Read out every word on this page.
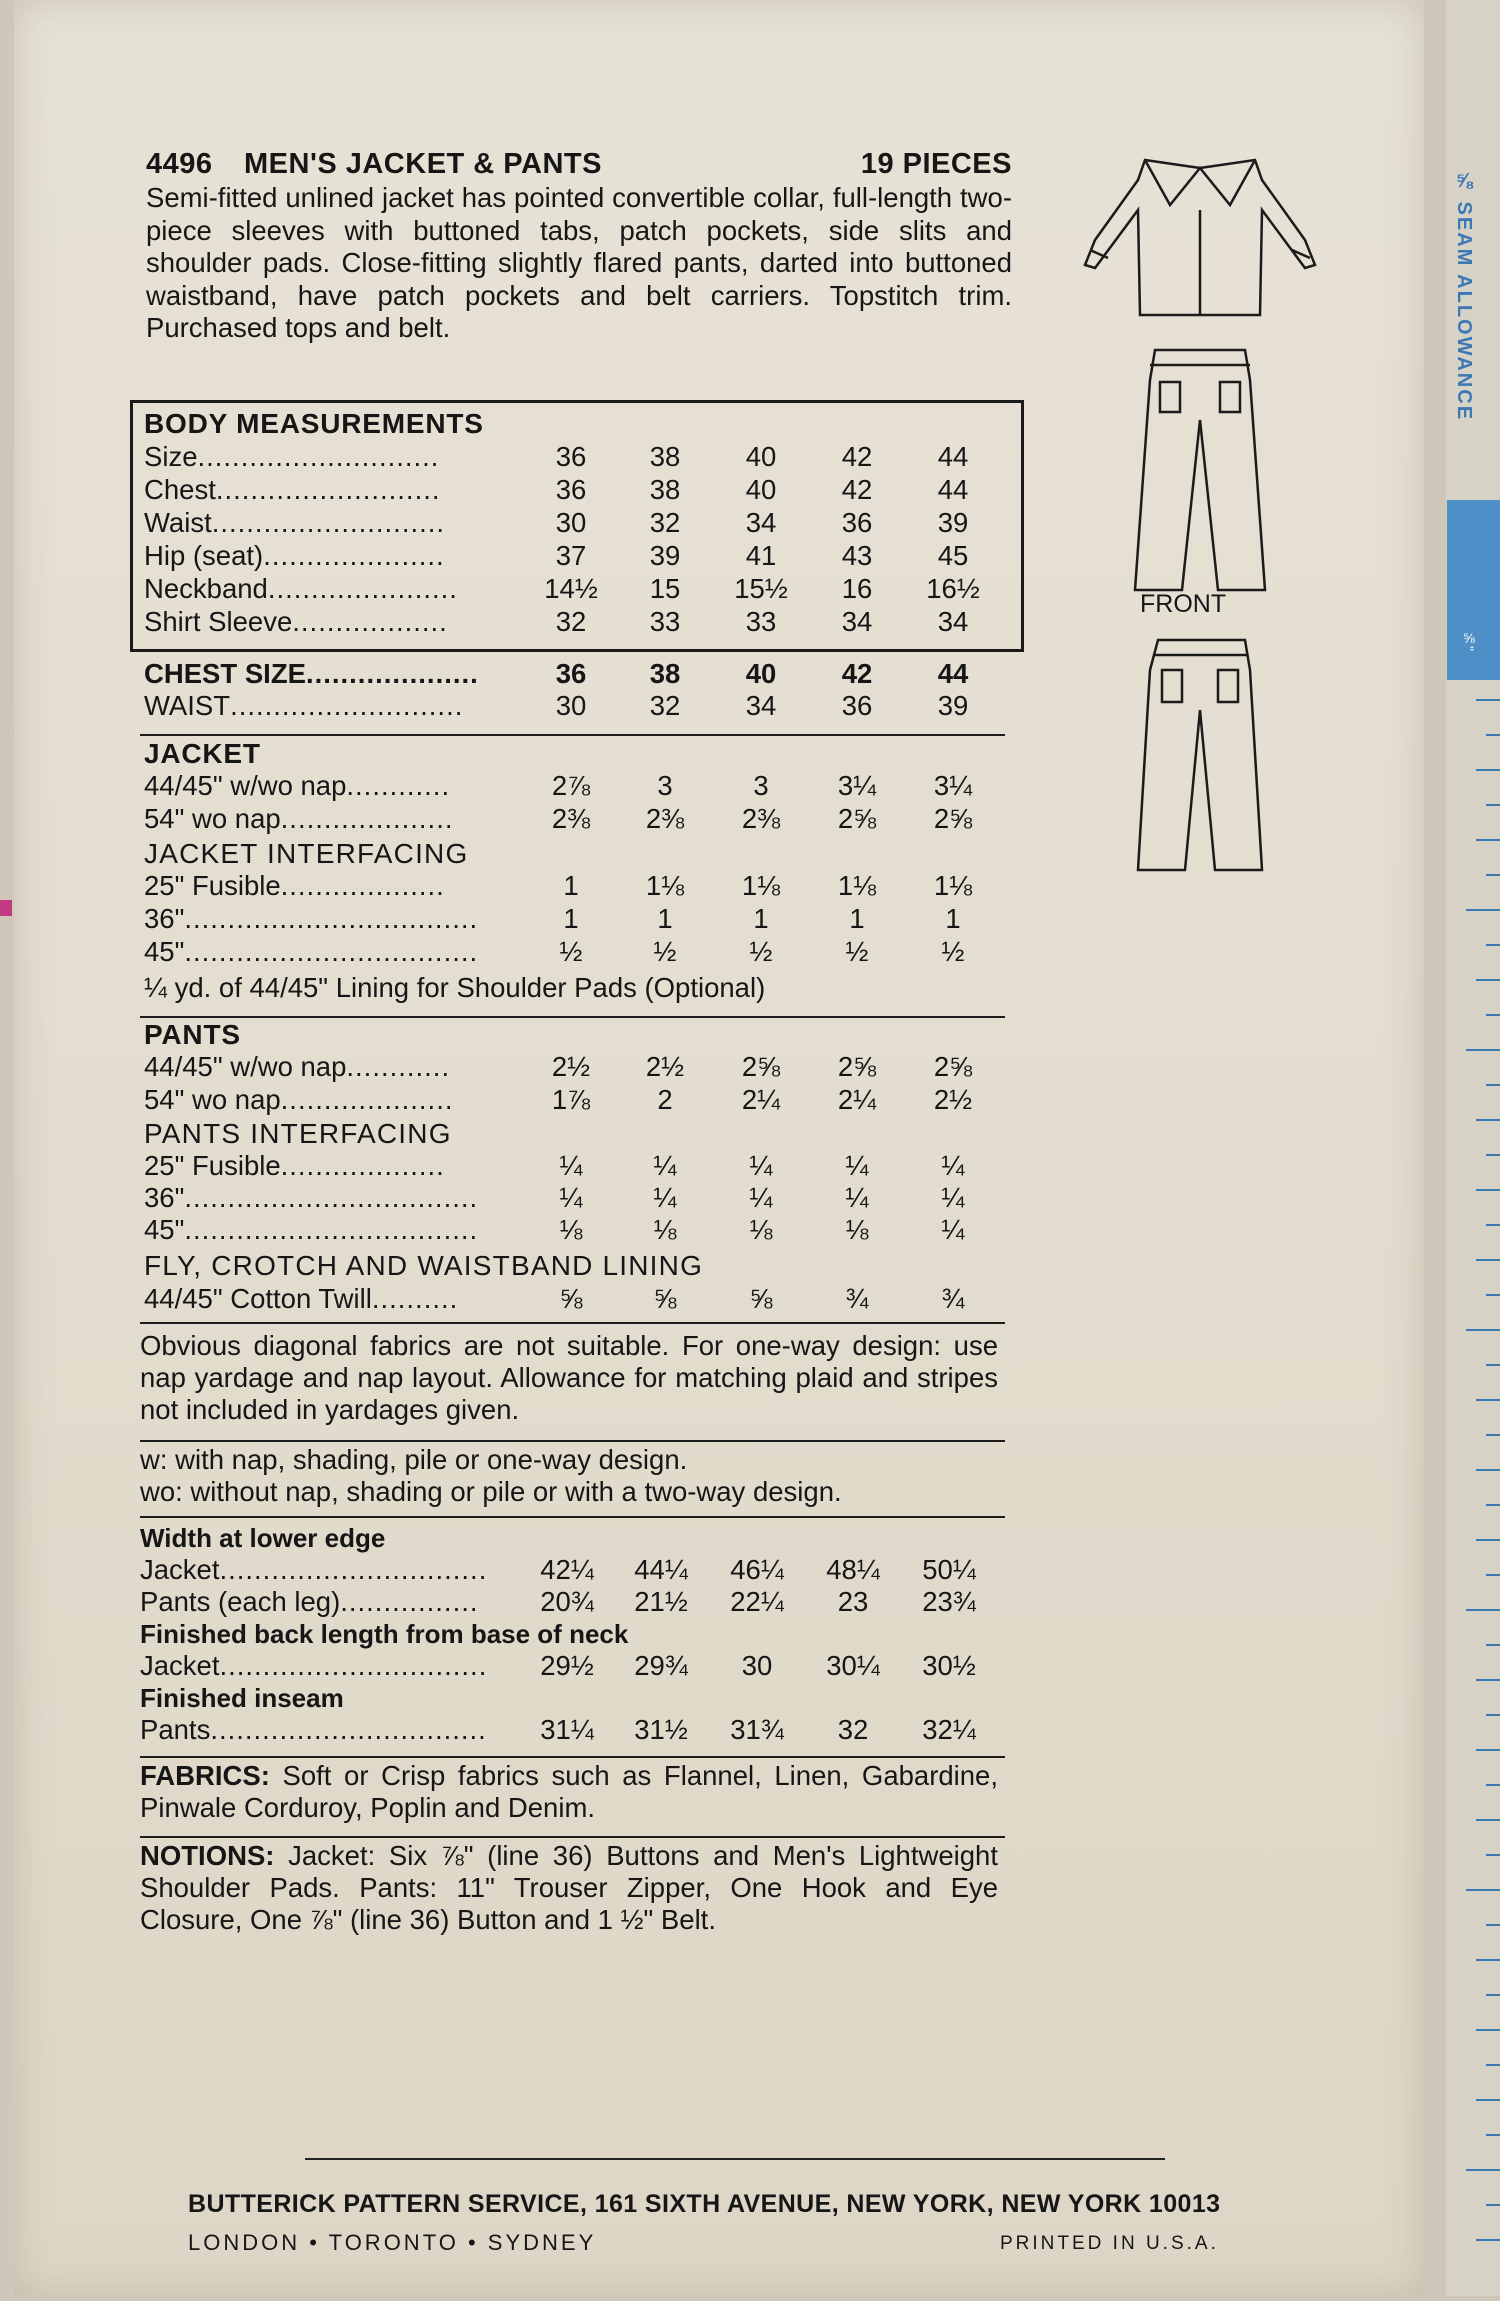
4496 MEN'S JACKET & PANTS	19 PIECES
Semi-fitted unlined jacket has pointed convertible collar, full-length two-piece sleeves with buttoned tabs, patch pockets, side slits and shoulder pads. Close-fitting slightly flared pants, darted into buttoned waistband, have patch pockets and belt carriers. Topstitch trim. Purchased tops and belt.
BODY MEASUREMENTS
Size............................	36	38	40	42	44
Chest..........................	36	38	40	42	44
Waist...........................	30	32	34	36	39
Hip (seat).....................	37	39	41	43	45
Neckband......................	14½	15	15½	16	16½
Shirt Sleeve..................	32	33	33	34	34
CHEST SIZE....................	36	38	40	42	44
WAIST...........................	30	32	34	36	39
JACKET
44/45" w/wo nap............	2⅞	3	3	3¼	3¼
54" wo nap....................	2⅜	2⅜	2⅜	2⅝	2⅝
JACKET INTERFACING
25" Fusible...................	1	1⅛	1⅛	1⅛	1⅛
36"..................................	1	1	1	1	1
45"..................................	½	½	½	½	½
¼ yd. of 44/45" Lining for Shoulder Pads (Optional)
PANTS
44/45" w/wo nap............	2½	2½	2⅝	2⅝	2⅝
54" wo nap....................	1⅞	2	2¼	2¼	2½
PANTS INTERFACING
25" Fusible...................	¼	¼	¼	¼	¼
36"..................................	¼	¼	¼	¼	¼
45"..................................	⅛	⅛	⅛	⅛	¼
FLY, CROTCH AND WAISTBAND LINING
44/45" Cotton Twill..........	⅝	⅝	⅝	¾	¾
Obvious diagonal fabrics are not suitable. For one-way design: use nap yardage and nap layout. Allowance for matching plaid and stripes not included in yardages given.
w: with nap, shading, pile or one-way design.
wo: without nap, shading or pile or with a two-way design.
Width at lower edge
Jacket............................... 42¼ 44¼ 46¼ 48¼ 50¼
Pants (each leg)................ 20¾ 21½ 22¼	23	23¾
Finished back length from base of neck
Jacket............................... 29½ 29¾	30	30¼ 30½
Finished inseam
Pants................................ 31¼ 31½ 31¾	32	32¼
FABRICS: Soft or Crisp fabrics such as Flannel, Linen, Gabardine, Pinwale Corduroy, Poplin and Denim.
NOTIONS: Jacket: Six ⅞" (line 36) Buttons and Men's Lightweight Shoulder Pads. Pants: 11" Trouser Zipper, One Hook and Eye Closure, One ⅞" (line 36) Button and 1 ½" Belt.
FRONT
⅝ SEAM ALLOWANCE
⅝"
BUTTERICK PATTERN SERVICE, 161 SIXTH AVENUE, NEW YORK, NEW YORK 10013
LONDON • TORONTO • SYDNEY	PRINTED IN U.S.A.
